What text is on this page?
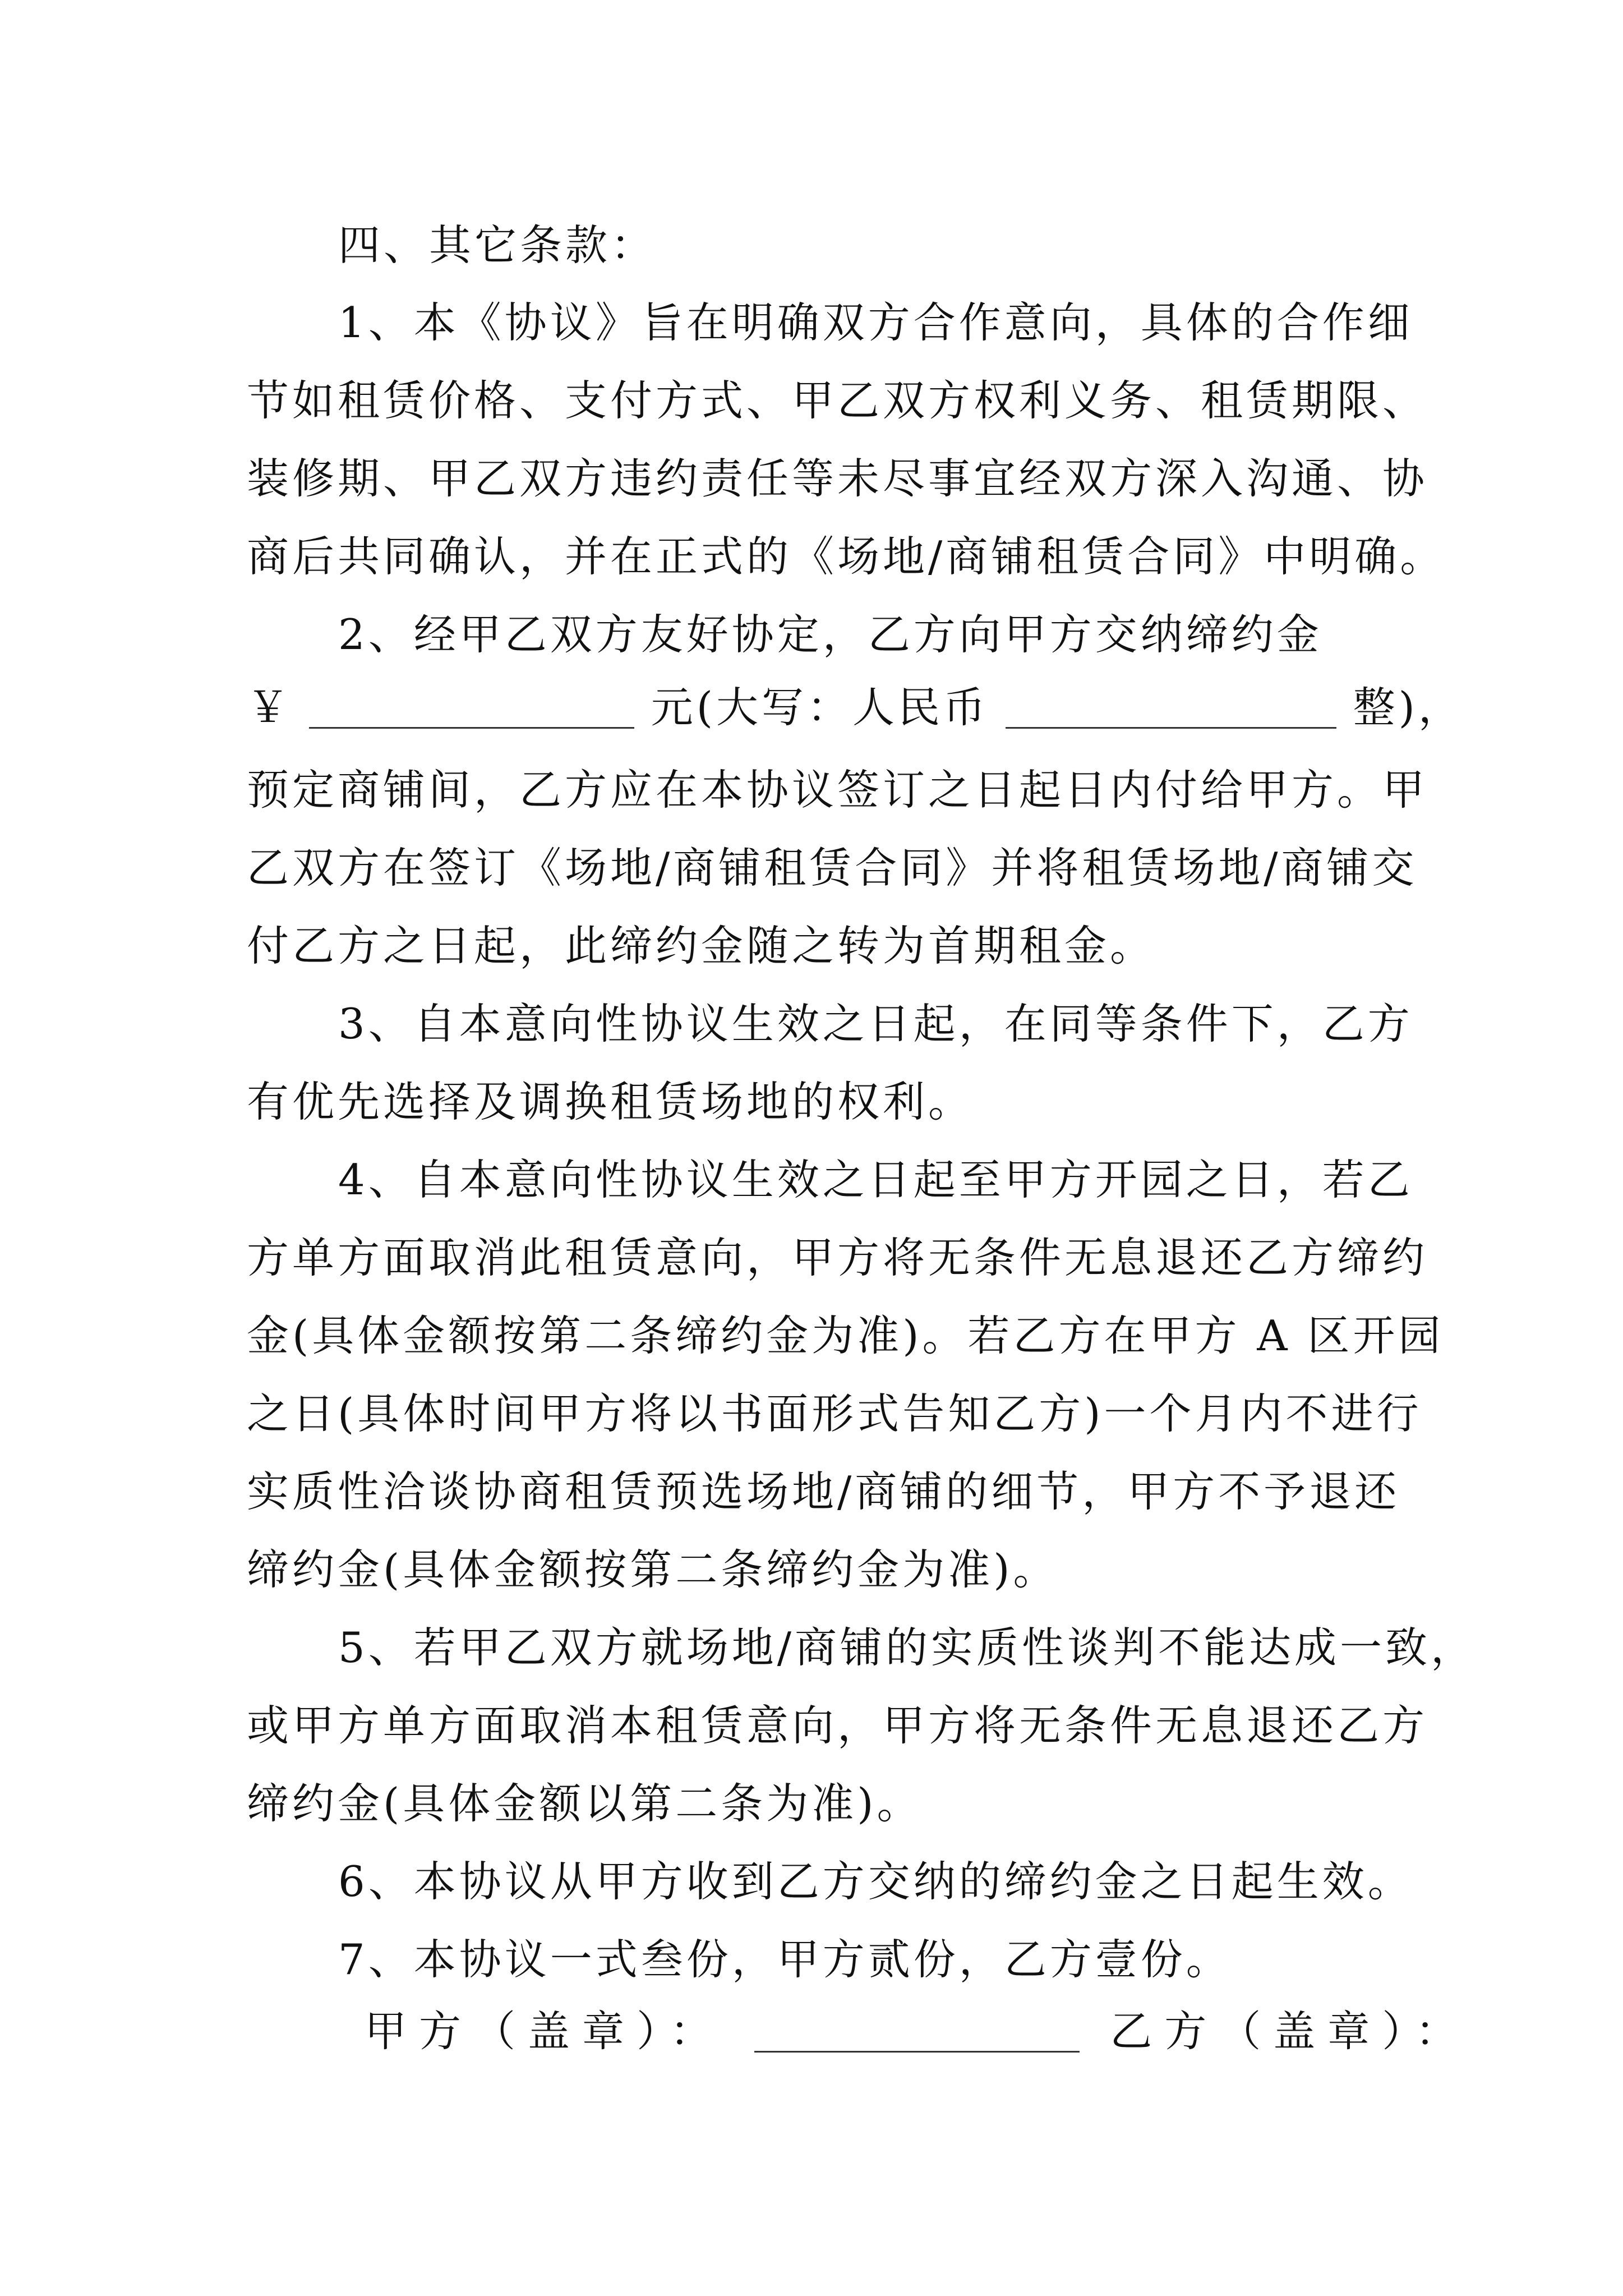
四、其它条款：
1、本《协议》旨在明确双方合作意向，具体的合作细
节如租赁价格、支付方式、甲乙双方权利义务、租赁期限、
装修期、甲乙双方违约责任等未尽事宜经双方深入沟通、协
商后共同确认，并在正式的《场地/商铺租赁合同》中明确。
2、经甲乙双方友好协定，乙方向甲方交纳缔约金
￥	元(大写：人民币	整)，
预定商铺间，乙方应在本协议签订之日起日内付给甲方。甲
乙双方在签订《场地/商铺租赁合同》并将租赁场地/商铺交
付乙方之日起，此缔约金随之转为首期租金。
3、自本意向性协议生效之日起，在同等条件下，乙方
有优先选择及调换租赁场地的权利。
4、自本意向性协议生效之日起至甲方开园之日，若乙
方单方面取消此租赁意向，甲方将无条件无息退还乙方缔约
金(具体金额按第二条缔约金为准)。若乙方在甲方 A 区开园
之日(具体时间甲方将以书面形式告知乙方)一个月内不进行
实质性洽谈协商租赁预选场地/商铺的细节，甲方不予退还
缔约金(具体金额按第二条缔约金为准)。
5、若甲乙双方就场地/商铺的实质性谈判不能达成一致，
或甲方单方面取消本租赁意向，甲方将无条件无息退还乙方
缔约金(具体金额以第二条为准)。
6、本协议从甲方收到乙方交纳的缔约金之日起生效。
7、本协议一式叁份，甲方贰份，乙方壹份。
甲方（盖章）：	乙方（盖章）：
